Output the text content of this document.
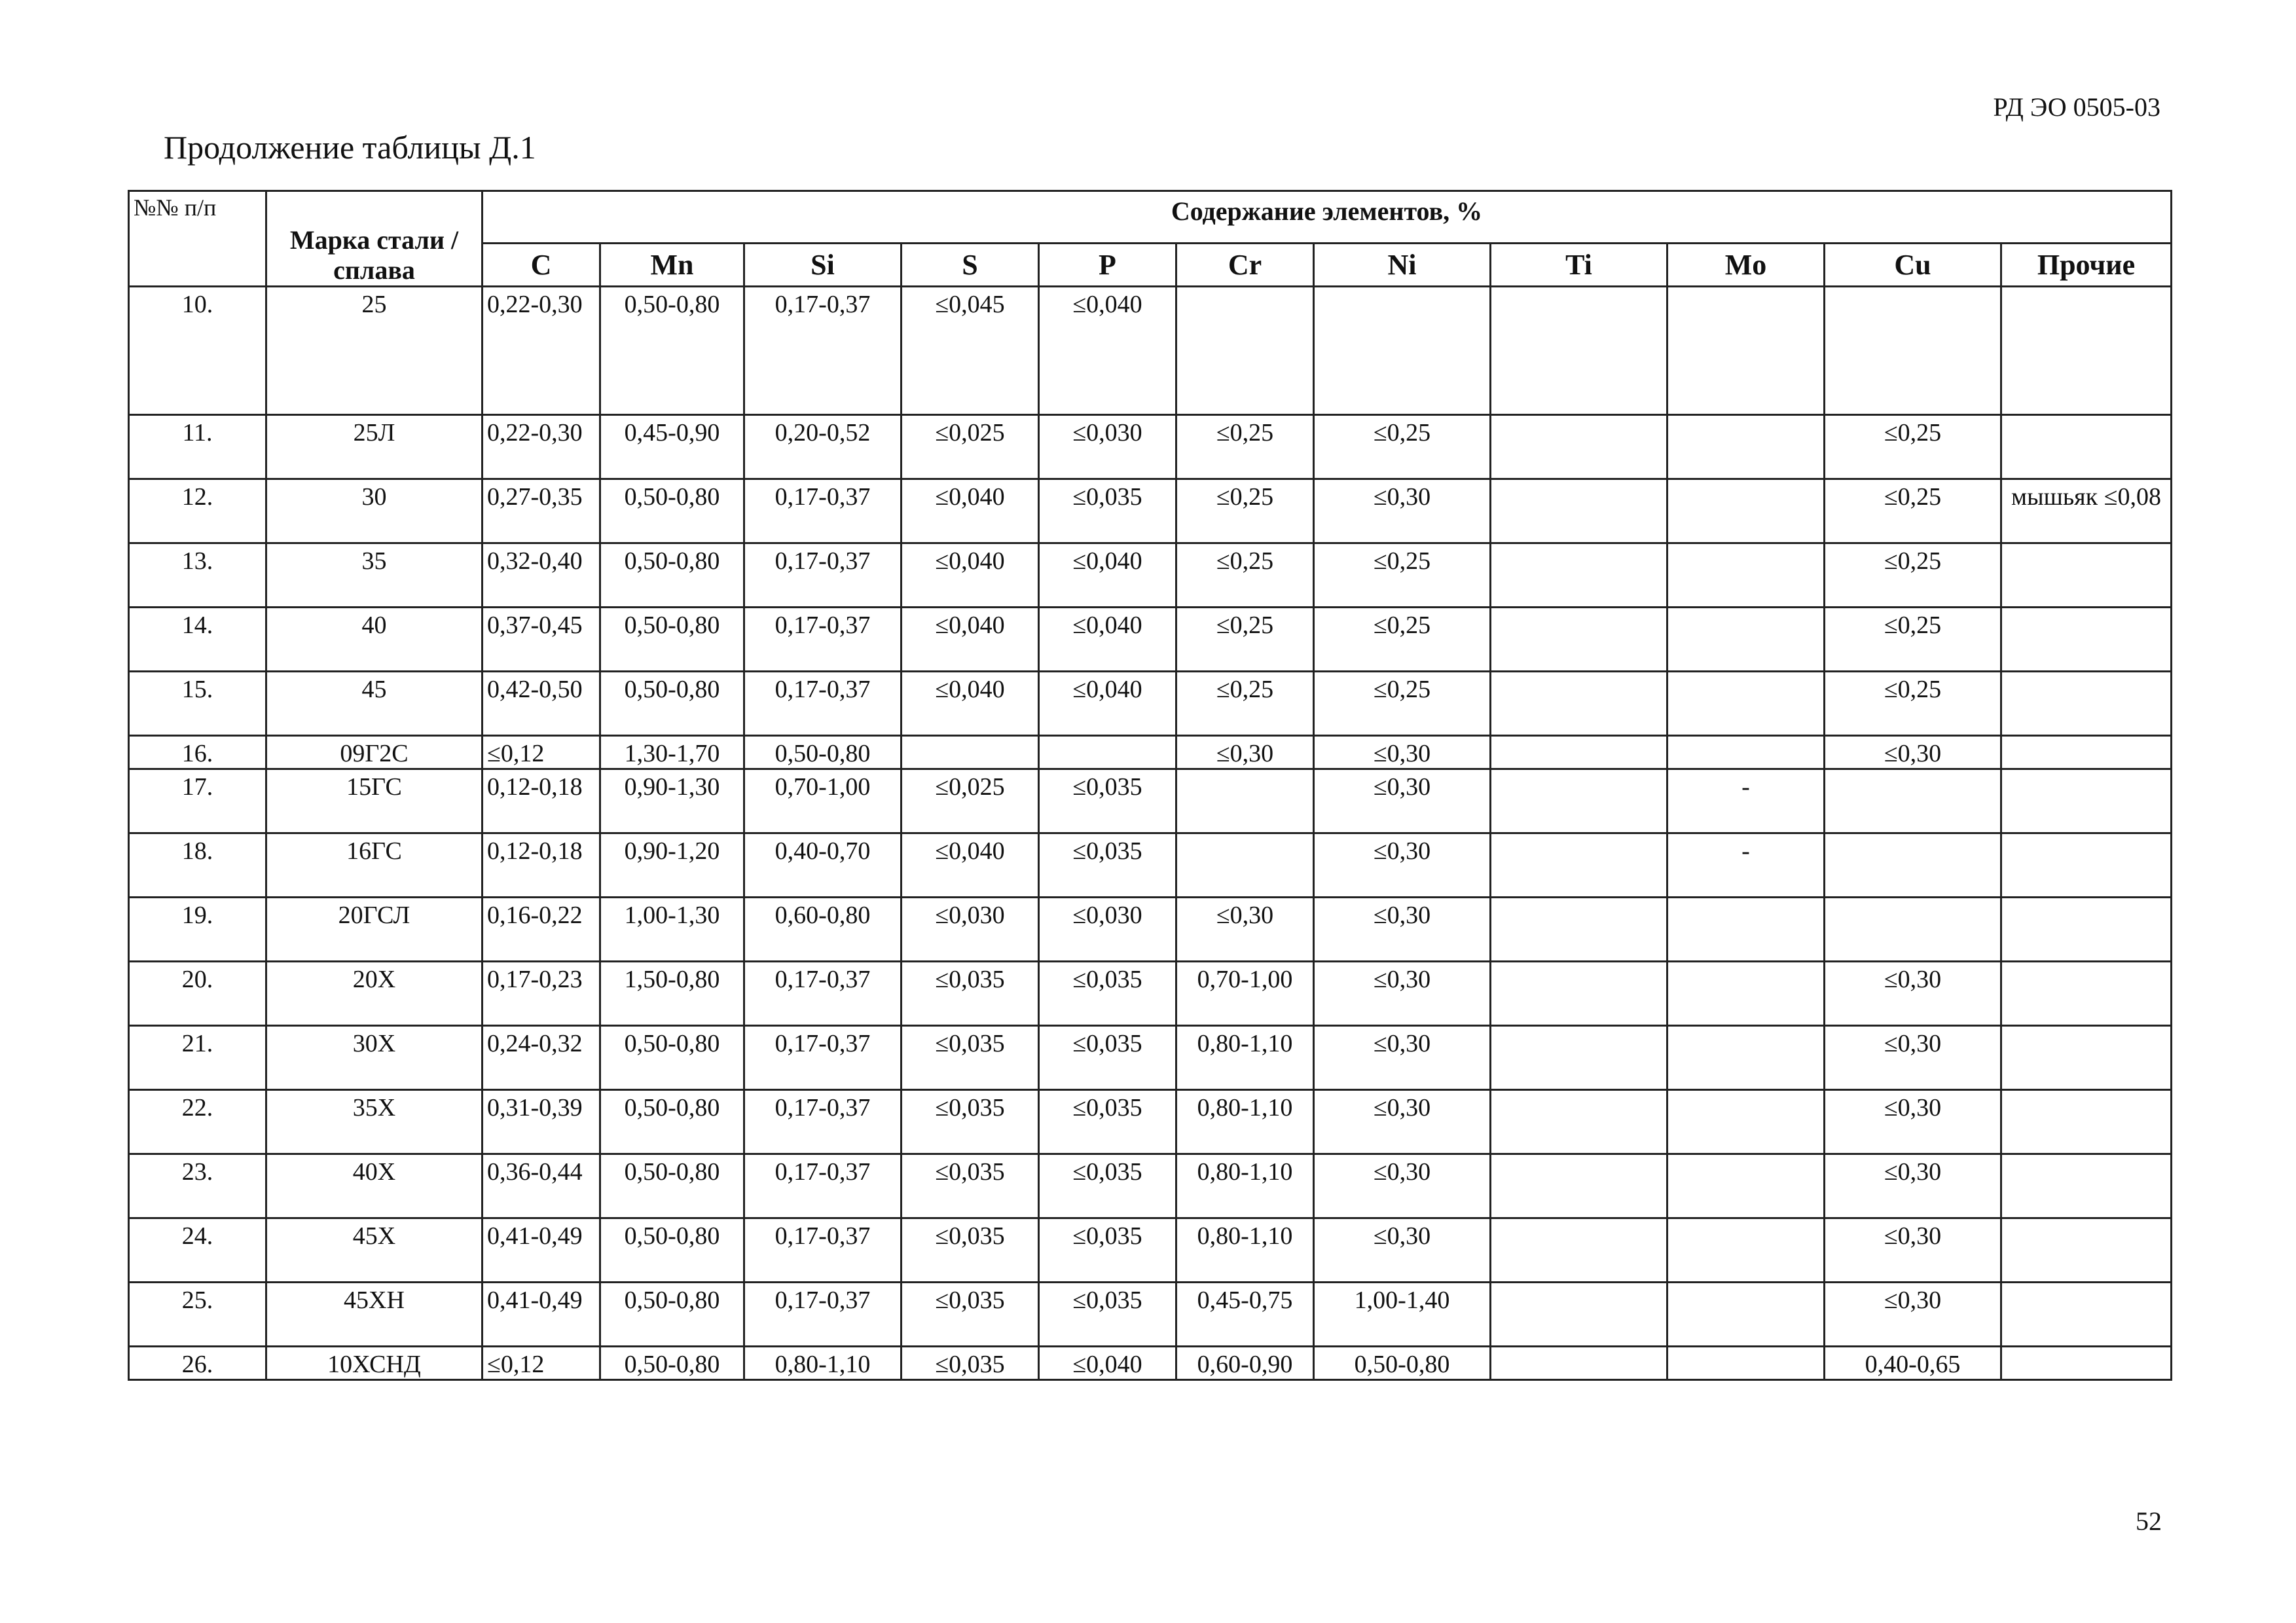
РД ЭО 0505-03
Продолжение таблицы Д.1
№№ п/п	Марка стали / сплава	Содержание элементов, %										
		C	Mn	Si	S	P	Cr	Ni	Ti	Mo	Cu	Прочие
10.	25	0,22-0,30	0,50-0,80	0,17-0,37	≤0,045	≤0,040						
11.	25Л	0,22-0,30	0,45-0,90	0,20-0,52	≤0,025	≤0,030	≤0,25	≤0,25			≤0,25	
12.	30	0,27-0,35	0,50-0,80	0,17-0,37	≤0,040	≤0,035	≤0,25	≤0,30			≤0,25	мышьяк ≤0,08
13.	35	0,32-0,40	0,50-0,80	0,17-0,37	≤0,040	≤0,040	≤0,25	≤0,25			≤0,25	
14.	40	0,37-0,45	0,50-0,80	0,17-0,37	≤0,040	≤0,040	≤0,25	≤0,25			≤0,25	
15.	45	0,42-0,50	0,50-0,80	0,17-0,37	≤0,040	≤0,040	≤0,25	≤0,25			≤0,25	
16.	09Г2С	≤0,12	1,30-1,70	0,50-0,80			≤0,30	≤0,30			≤0,30	
17.	15ГС	0,12-0,18	0,90-1,30	0,70-1,00	≤0,025	≤0,035		≤0,30		-		
18.	16ГС	0,12-0,18	0,90-1,20	0,40-0,70	≤0,040	≤0,035		≤0,30		-		
19.	20ГСЛ	0,16-0,22	1,00-1,30	0,60-0,80	≤0,030	≤0,030	≤0,30	≤0,30				
20.	20Х	0,17-0,23	1,50-0,80	0,17-0,37	≤0,035	≤0,035	0,70-1,00	≤0,30			≤0,30	
21.	30Х	0,24-0,32	0,50-0,80	0,17-0,37	≤0,035	≤0,035	0,80-1,10	≤0,30			≤0,30	
22.	35Х	0,31-0,39	0,50-0,80	0,17-0,37	≤0,035	≤0,035	0,80-1,10	≤0,30			≤0,30	
23.	40Х	0,36-0,44	0,50-0,80	0,17-0,37	≤0,035	≤0,035	0,80-1,10	≤0,30			≤0,30	
24.	45Х	0,41-0,49	0,50-0,80	0,17-0,37	≤0,035	≤0,035	0,80-1,10	≤0,30			≤0,30	
25.	45ХН	0,41-0,49	0,50-0,80	0,17-0,37	≤0,035	≤0,035	0,45-0,75	1,00-1,40			≤0,30	
26.	10ХСНД	≤0,12	0,50-0,80	0,80-1,10	≤0,035	≤0,040	0,60-0,90	0,50-0,80			0,40-0,65	
52
